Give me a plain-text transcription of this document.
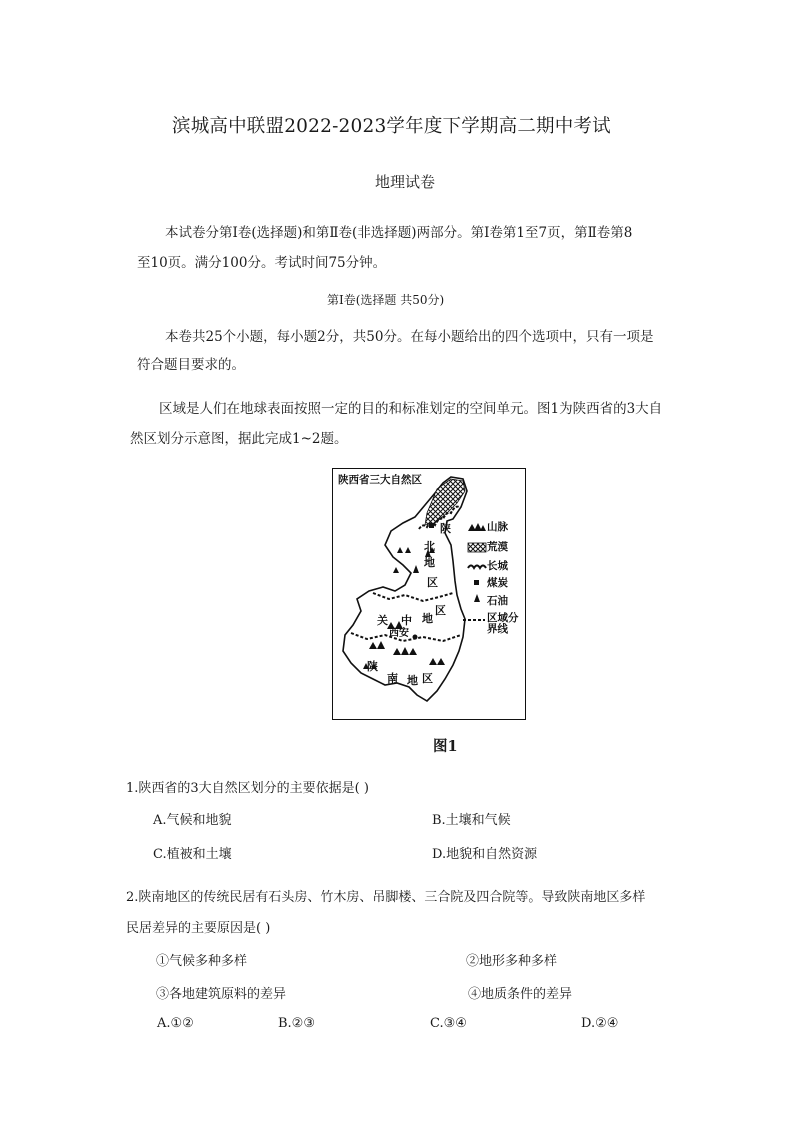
滨城高中联盟2022-2023学年度下学期高二期中考试
地理试卷
本试卷分第Ⅰ卷(选择题)和第Ⅱ卷(非选择题)两部分。第Ⅰ卷第1至7页，第Ⅱ卷第8
至10页。满分100分。考试时间75分钟。
第Ⅰ卷(选择题 共50分)
本卷共25个小题，每小题2分，共50分。在每小题给出的四个选项中，只有一项是
符合题目要求的。
区域是人们在地球表面按照一定的目的和标准划定的空间单元。图1为陕西省的3大自
然区划分示意图，据此完成1~2题。
陕西省三大自然区
陕
北
地
区
关 中 地
区
西安
陕
南 地 区
山脉
荒漠
长城
煤炭
石油
区域分
界线
图1
1.陕西省的3大自然区划分的主要依据是( )
A.气候和地貌	B.土壤和气候
C.植被和土壤	D.地貌和自然资源
2.陕南地区的传统民居有石头房、竹木房、吊脚楼、三合院及四合院等。导致陕南地区多样
民居差异的主要原因是( )
①气候多种多样	②地形多种多样
③各地建筑原料的差异	④地质条件的差异
A.①②	B.②③	C.③④	D.②④
